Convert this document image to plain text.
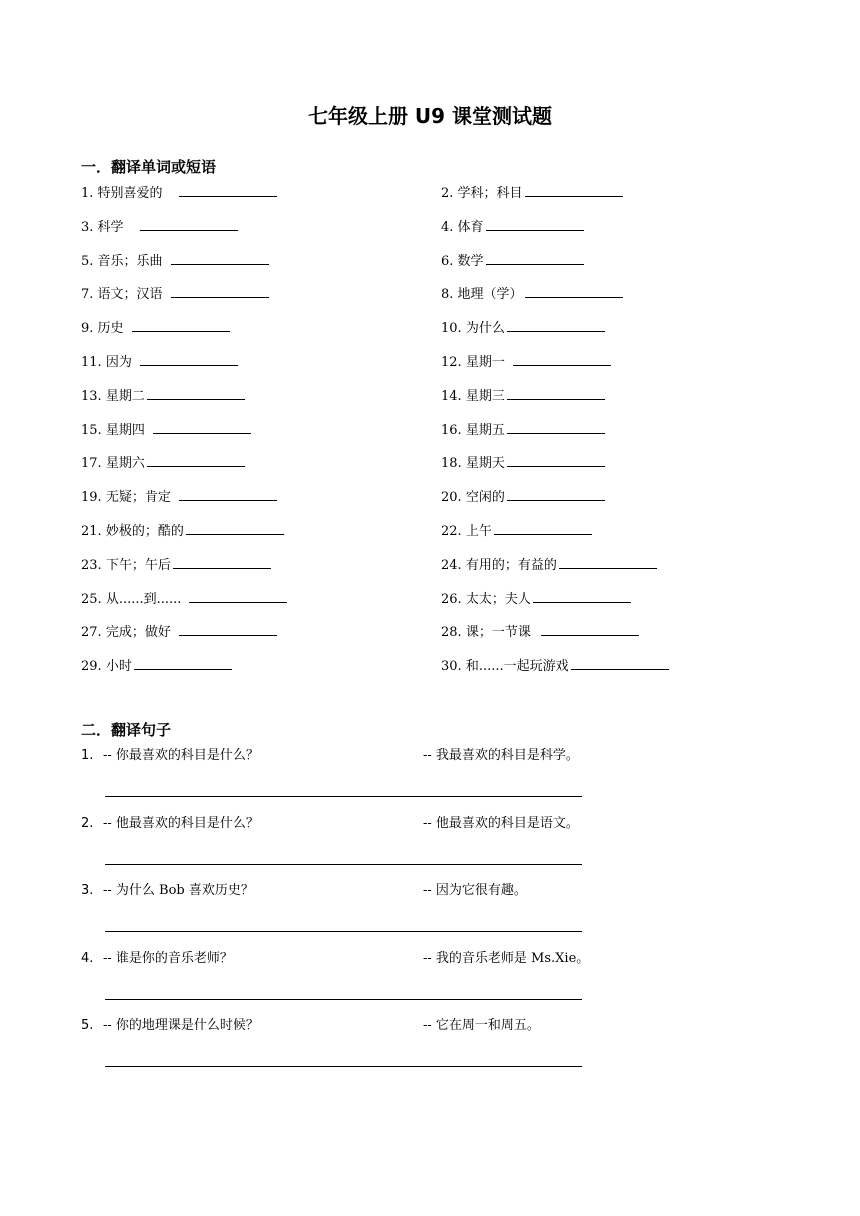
七年级上册 U9 课堂测试题
一．翻译单词或短语
1. 特别喜爱的	2. 学科；科目
3. 科学	4. 体育
5. 音乐；乐曲	6. 数学
7. 语文；汉语	8. 地理（学）
9. 历史	10. 为什么
11. 因为	12. 星期一
13. 星期二	14. 星期三
15. 星期四	16. 星期五
17. 星期六	18. 星期天
19. 无疑；肯定	20. 空闲的
21. 妙极的；酷的	22. 上午
23. 下午；午后	24. 有用的；有益的
25. 从......到......	26. 太太；夫人
27. 完成；做好	28. 课；一节课
29. 小时	30. 和......一起玩游戏
二．翻译句子
1. -- 你最喜欢的科目是什么？	-- 我最喜欢的科目是科学。
2. -- 他最喜欢的科目是什么？	-- 他最喜欢的科目是语文。
3. -- 为什么 Bob 喜欢历史？	-- 因为它很有趣。
4. -- 谁是你的音乐老师？	-- 我的音乐老师是 Ms.Xie。
5. -- 你的地理课是什么时候？	-- 它在周一和周五。
